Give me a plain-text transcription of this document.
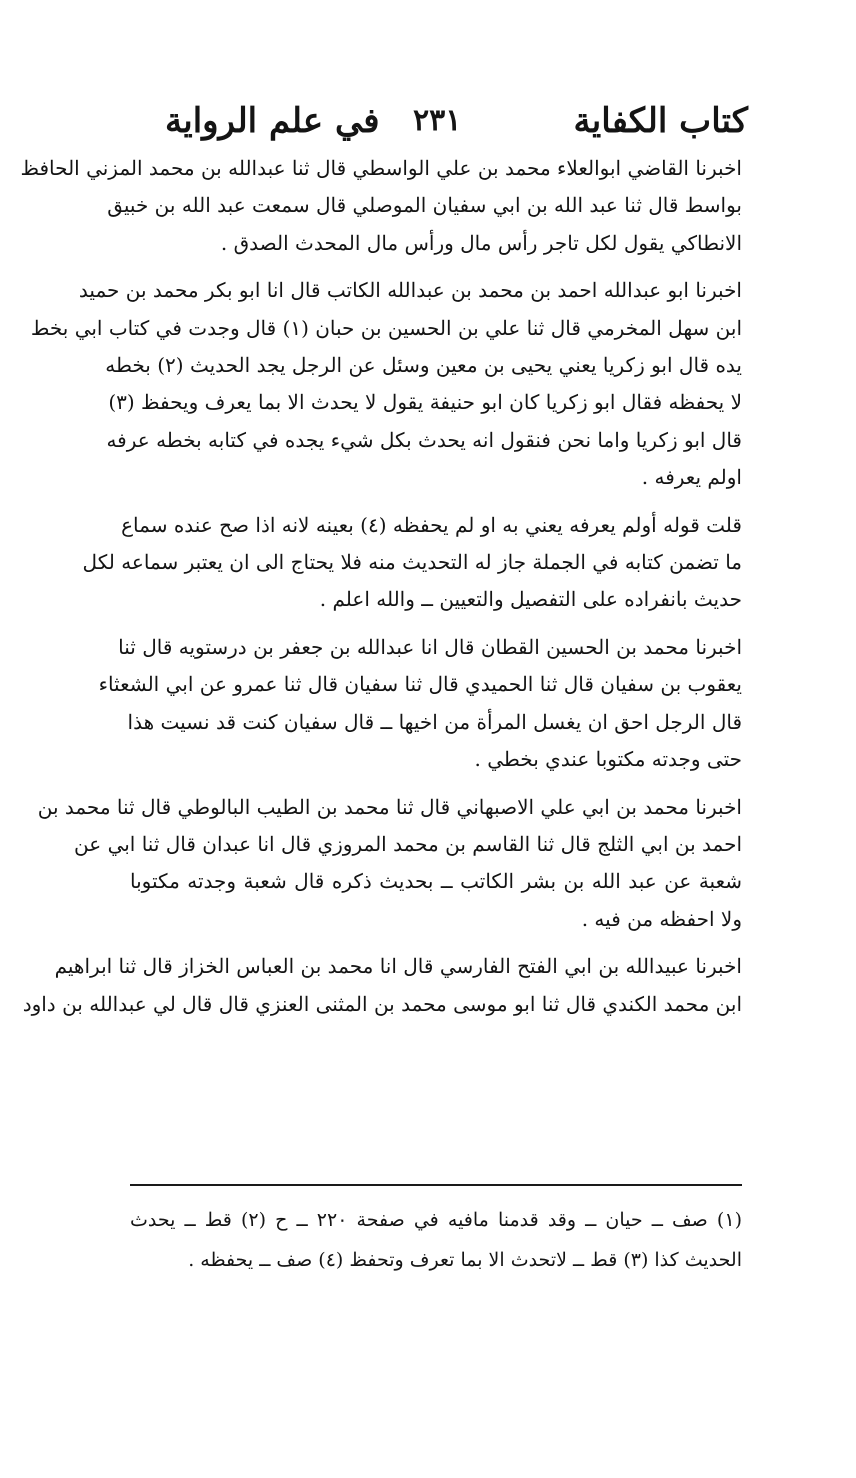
كتاب الكفاية
٢٣١
في علم الرواية

اخبرنا القاضي ابوالعلاء محمد بن علي الواسطي قال ثنا عبدالله بن محمد المزني الحافظ

بواسط قال ثنا عبد الله بن ابي سفيان الموصلي قال سمعت عبد الله بن خبيق

الانطاكي يقول لكل تاجر رأس مال ورأس مال المحدث الصدق .

اخبرنا ابو عبدالله احمد بن محمد بن عبدالله الكاتب قال انا ابو بكر محمد بن حميد

ابن سهل المخرمي قال ثنا علي بن الحسين بن حبان (١) قال وجدت في كتاب ابي بخط

يده قال ابو زكريا يعني يحيى بن معين وسئل عن الرجل يجد الحديث (٢) بخطه

لا يحفظه فقال ابو زكريا كان ابو حنيفة يقول لا يحدث الا بما يعرف ويحفظ (٣)

قال ابو زكريا واما نحن فنقول انه يحدث بكل شيء يجده في كتابه بخطه عرفه

اولم يعرفه .

قلت قوله أولم يعرفه يعني به او لم يحفظه (٤) بعينه لانه اذا صح عنده سماع

ما تضمن كتابه في الجملة جاز له التحديث منه فلا يحتاج الى ان يعتبر سماعه لكل

حديث بانفراده على التفصيل والتعيين ــ والله اعلم .

اخبرنا محمد بن الحسين القطان قال انا عبدالله بن جعفر بن درستويه قال ثنا

يعقوب بن سفيان قال ثنا الحميدي قال ثنا سفيان قال ثنا عمرو عن ابي الشعثاء

قال الرجل احق ان يغسل المرأة من اخيها ــ قال سفيان كنت قد نسيت هذا

حتى وجدته مكتوبا عندي بخطي .

اخبرنا محمد بن ابي علي الاصبهاني قال ثنا محمد بن الطيب البالوطي قال ثنا محمد بن

احمد بن ابي الثلج قال ثنا القاسم بن محمد المروزي قال انا عبدان قال ثنا ابي عن

شعبة عن عبد الله بن بشر الكاتب ــ بحديث ذكره قال شعبة وجدته مكتوبا

ولا احفظه من فيه .

اخبرنا عبيدالله بن ابي الفتح الفارسي قال انا محمد بن العباس الخزاز قال ثنا ابراهيم

ابن محمد الكندي قال ثنا ابو موسى محمد بن المثنى العنزي قال قال لي عبدالله بن داود

(١) صف ــ حيان ــ وقد قدمنا مافيه في صفحة ٢٢٠ ــ ح (٢) قط ــ يحدث

الحديث كذا (٣) قط ــ لاتحدث الا بما تعرف وتحفظ (٤) صف ــ يحفظه .
